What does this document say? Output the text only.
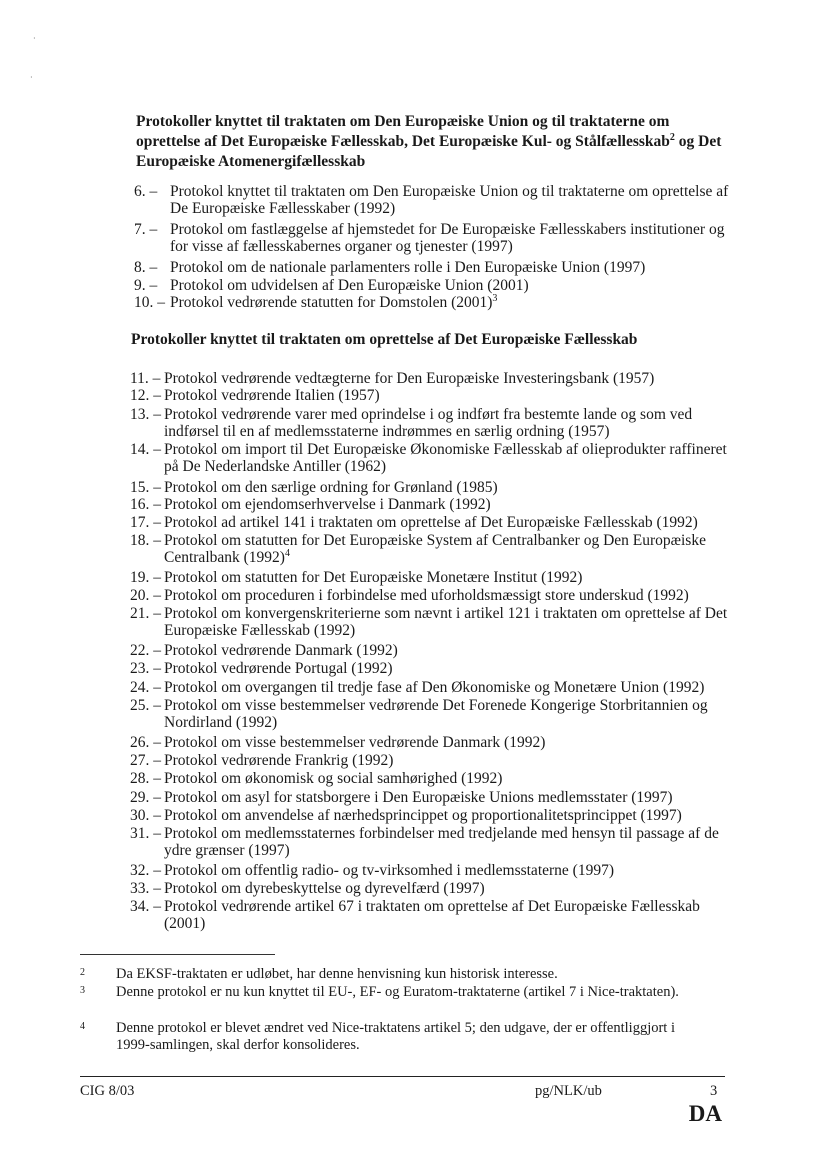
·
·
Protokoller knyttet til traktaten om Den Europæiske Union og til traktaterne om oprettelse af Det Europæiske Fællesskab, Det Europæiske Kul- og Stålfællesskab$^2$ og Det Europæiske Atomenergifællesskab
6. – Protokol knyttet til traktaten om Den Europæiske Union og til traktaterne om oprettelse af De Europæiske Fællesskaber (1992)
7. – Protokol om fastlæggelse af hjemstedet for De Europæiske Fællesskabers institutioner og for visse af fællesskabernes organer og tjenester (1997)
8. – Protokol om de nationale parlamenters rolle i Den Europæiske Union (1997)
9. – Protokol om udvidelsen af Den Europæiske Union (2001)
10. – Protokol vedrørende statutten for Domstolen $(2001)^3$
Protokoller knyttet til traktaten om oprettelse af Det Europæiske Fællesskab
11. – Protokol vedrørende vedtægterne for Den Europæiske Investeringsbank (1957)
12. – Protokol vedrørende Italien (1957)
13. – Protokol vedrørende varer med oprindelse i og indført fra bestemte lande og som ved indførsel til en af medlemsstaterne indrømmes en særlig ordning (1957)
14. – Protokol om import til Det Europæiske Økonomiske Fællesskab af olieprodukter raffineret på De Nederlandske Antiller (1962)
15. – Protokol om den særlige ordning for Grønland (1985)
16. – Protokol om ejendomserhvervelse i Danmark (1992)
17. – Protokol ad artikel 141 i traktaten om oprettelse af Det Europæiske Fællesskab (1992)
18. – Protokol om statutten for Det Europæiske System af Centralbanker og Den Europæiske Centralbank $(1992)^4$
19. – Protokol om statutten for Det Europæiske Monetære Institut (1992)
20. – Protokol om proceduren i forbindelse med uforholdsmæssigt store underskud (1992)
21. – Protokol om konvergenskriterierne som nævnt i artikel 121 i traktaten om oprettelse af Det Europæiske Fællesskab (1992)
22. – Protokol vedrørende Danmark (1992)
23. – Protokol vedrørende Portugal (1992)
24. – Protokol om overgangen til tredje fase af Den Økonomiske og Monetære Union (1992)
25. – Protokol om visse bestemmelser vedrørende Det Forenede Kongerige Storbritannien og Nordirland (1992)
26. – Protokol om visse bestemmelser vedrørende Danmark (1992)
27. – Protokol vedrørende Frankrig (1992)
28. – Protokol om økonomisk og social samhørighed (1992)
29. – Protokol om asyl for statsborgere i Den Europæiske Unions medlemsstater (1997)
30. – Protokol om anvendelse af nærhedsprincippet og proportionalitetsprincippet (1997)
31. – Protokol om medlemsstaternes forbindelser med tredjelande med hensyn til passage af de ydre grænser (1997)
32. – Protokol om offentlig radio- og tv-virksomhed i medlemsstaterne (1997)
33. – Protokol om dyrebeskyttelse og dyrevelfærd (1997)
34. – Protokol vedrørende artikel 67 i traktaten om oprettelse af Det Europæiske Fællesskab (2001)
2 Da EKSF-traktaten er udløbet, har denne henvisning kun historisk interesse.
3 Denne protokol er nu kun knyttet til EU-, EF- og Euratom-traktaterne (artikel 7 i Nice-traktaten).
4 Denne protokol er blevet ændret ved Nice-traktatens artikel 5; den udgave, der er offentliggjort i 1999-samlingen, skal derfor konsolideres.
CIG 8/03	pg/NLK/ub	3
DA
